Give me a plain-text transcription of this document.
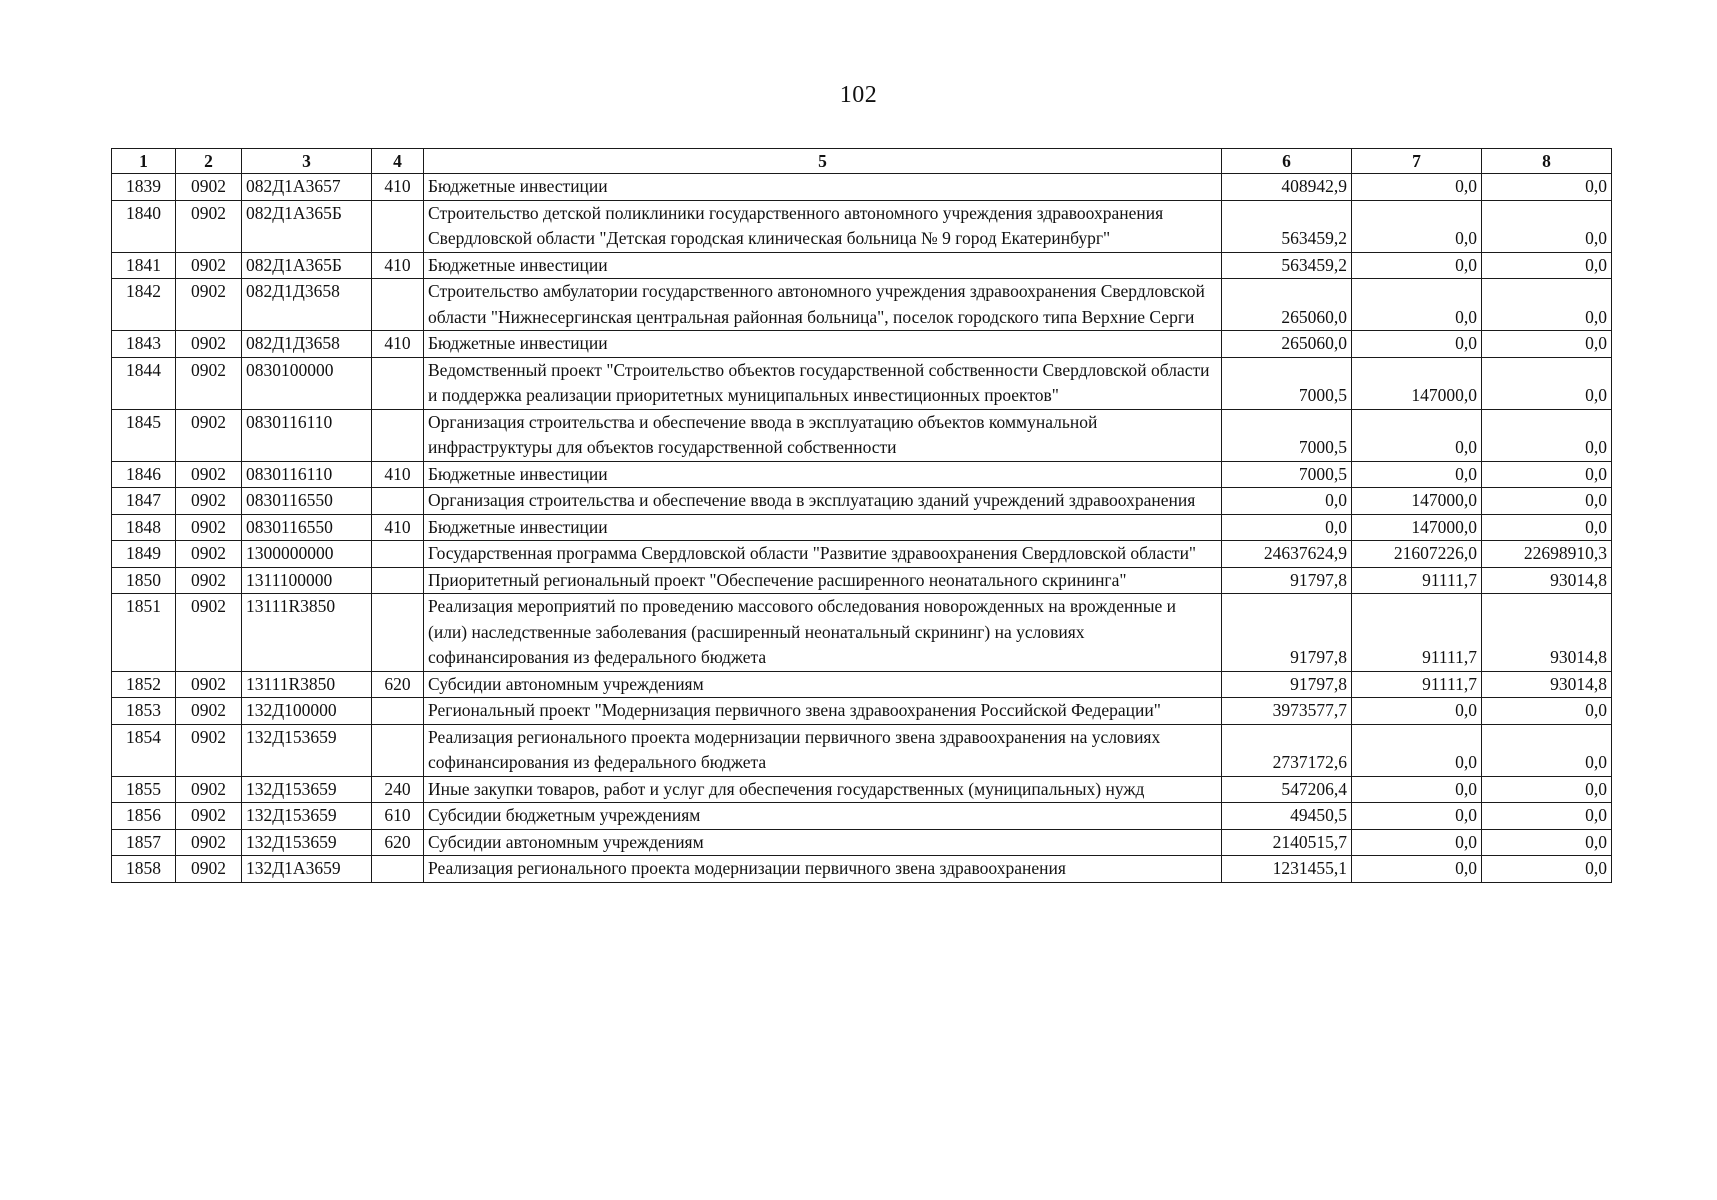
102
1	2	3	4	5	6	7	8
1839	0902	082Д1А3657	410	Бюджетные инвестиции	408942,9	0,0	0,0
1840	0902	082Д1А365Б		Строительство детской поликлиники государственного автономного учреждения здравоохранения Свердловской области "Детская городская клиническая больница № 9 город Екатеринбург"	563459,2	0,0	0,0
1841	0902	082Д1А365Б	410	Бюджетные инвестиции	563459,2	0,0	0,0
1842	0902	082Д1Д3658		Строительство амбулатории государственного автономного учреждения здравоохранения Свердловской области "Нижнесергинская центральная районная больница", поселок городского типа Верхние Серги	265060,0	0,0	0,0
1843	0902	082Д1Д3658	410	Бюджетные инвестиции	265060,0	0,0	0,0
1844	0902	0830100000		Ведомственный проект "Строительство объектов государственной собственности Свердловской области и поддержка реализации приоритетных муниципальных инвестиционных проектов"	7000,5	147000,0	0,0
1845	0902	0830116110		Организация строительства и обеспечение ввода в эксплуатацию объектов коммунальной инфраструктуры для объектов государственной собственности	7000,5	0,0	0,0
1846	0902	0830116110	410	Бюджетные инвестиции	7000,5	0,0	0,0
1847	0902	0830116550		Организация строительства и обеспечение ввода в эксплуатацию зданий учреждений здравоохранения	0,0	147000,0	0,0
1848	0902	0830116550	410	Бюджетные инвестиции	0,0	147000,0	0,0
1849	0902	1300000000		Государственная программа Свердловской области "Развитие здравоохранения Свердловской области"	24637624,9	21607226,0	22698910,3
1850	0902	1311100000		Приоритетный региональный проект "Обеспечение расширенного неонатального скрининга"	91797,8	91111,7	93014,8
1851	0902	13111R3850		Реализация мероприятий по проведению массового обследования новорожденных на врожденные и (или) наследственные заболевания (расширенный неонатальный скрининг) на условиях софинансирования из федерального бюджета	91797,8	91111,7	93014,8
1852	0902	13111R3850	620	Субсидии автономным учреждениям	91797,8	91111,7	93014,8
1853	0902	132Д100000		Региональный проект "Модернизация первичного звена здравоохранения Российской Федерации"	3973577,7	0,0	0,0
1854	0902	132Д153659		Реализация регионального проекта модернизации первичного звена здравоохранения на условиях софинансирования из федерального бюджета	2737172,6	0,0	0,0
1855	0902	132Д153659	240	Иные закупки товаров, работ и услуг для обеспечения государственных (муниципальных) нужд	547206,4	0,0	0,0
1856	0902	132Д153659	610	Субсидии бюджетным учреждениям	49450,5	0,0	0,0
1857	0902	132Д153659	620	Субсидии автономным учреждениям	2140515,7	0,0	0,0
1858	0902	132Д1А3659		Реализация регионального проекта модернизации первичного звена здравоохранения	1231455,1	0,0	0,0
